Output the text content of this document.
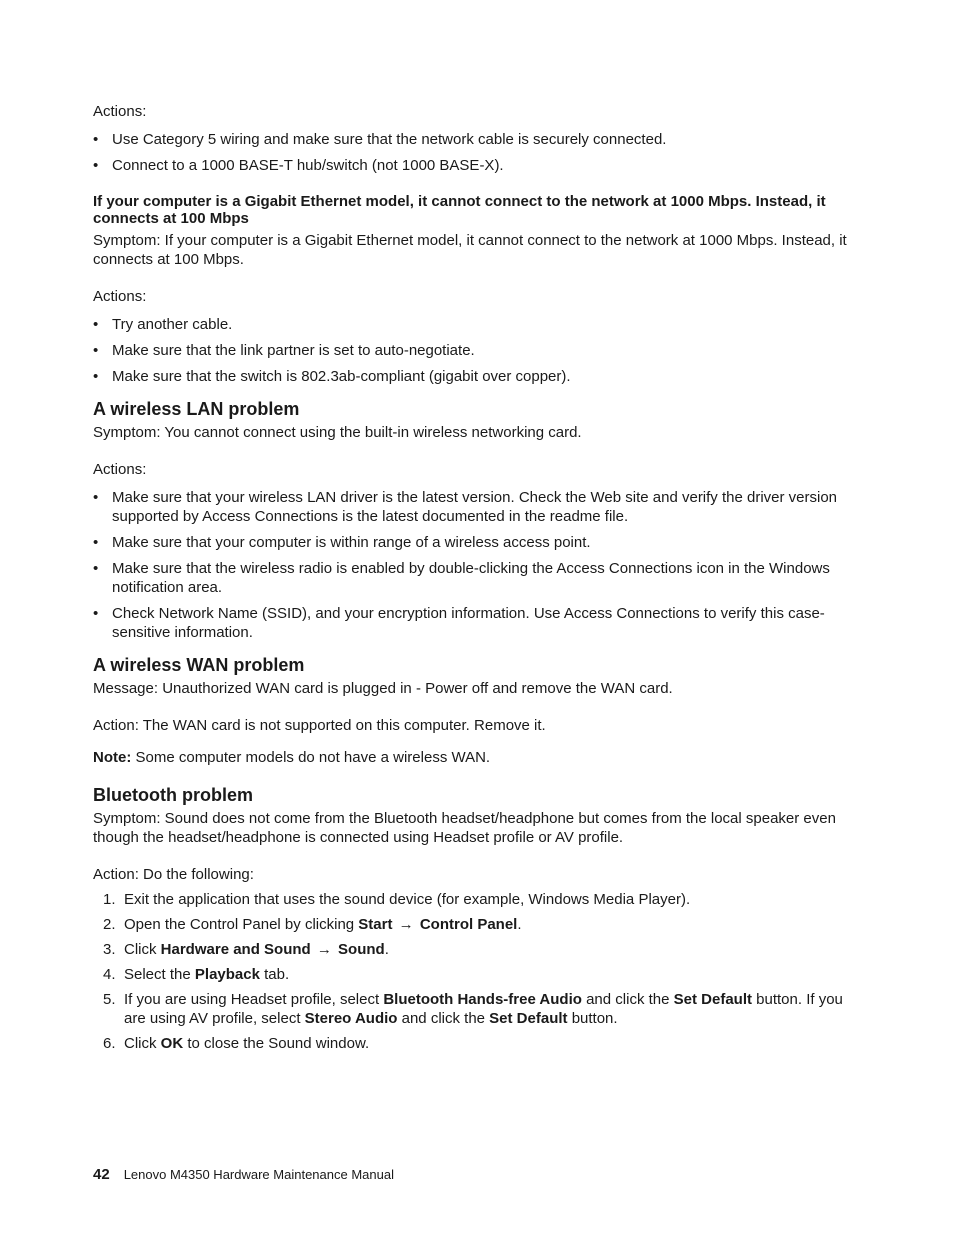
Actions:

• Use Category 5 wiring and make sure that the network cable is securely connected.
• Connect to a 1000 BASE-T hub/switch (not 1000 BASE-X).

If your computer is a Gigabit Ethernet model, it cannot connect to the network at 1000 Mbps. Instead, it connects at 100 Mbps

Symptom: If your computer is a Gigabit Ethernet model, it cannot connect to the network at 1000 Mbps. Instead, it connects at 100 Mbps.

Actions:

• Try another cable.
• Make sure that the link partner is set to auto-negotiate.
• Make sure that the switch is 802.3ab-compliant (gigabit over copper).
A wireless LAN problem

Symptom: You cannot connect using the built-in wireless networking card.

Actions:

• Make sure that your wireless LAN driver is the latest version. Check the Web site and verify the driver version supported by Access Connections is the latest documented in the readme file.
• Make sure that your computer is within range of a wireless access point.
• Make sure that the wireless radio is enabled by double-clicking the Access Connections icon in the Windows notification area.
• Check Network Name (SSID), and your encryption information. Use Access Connections to verify this case-sensitive information.
A wireless WAN problem

Message: Unauthorized WAN card is plugged in - Power off and remove the WAN card.

Action: The WAN card is not supported on this computer. Remove it.

Note: Some computer models do not have a wireless WAN.

Bluetooth problem

Symptom: Sound does not come from the Bluetooth headset/headphone but comes from the local speaker even though the headset/headphone is connected using Headset profile or AV profile.

Action: Do the following:

1. Exit the application that uses the sound device (for example, Windows Media Player).
2. Open the Control Panel by clicking Start → Control Panel.
3. Click Hardware and Sound → Sound.
4. Select the Playback tab.
5. If you are using Headset profile, select Bluetooth Hands-free Audio and click the Set Default button. If you are using AV profile, select Stereo Audio and click the Set Default button.
6. Click OK to close the Sound window.
42 Lenovo M4350 Hardware Maintenance Manual
